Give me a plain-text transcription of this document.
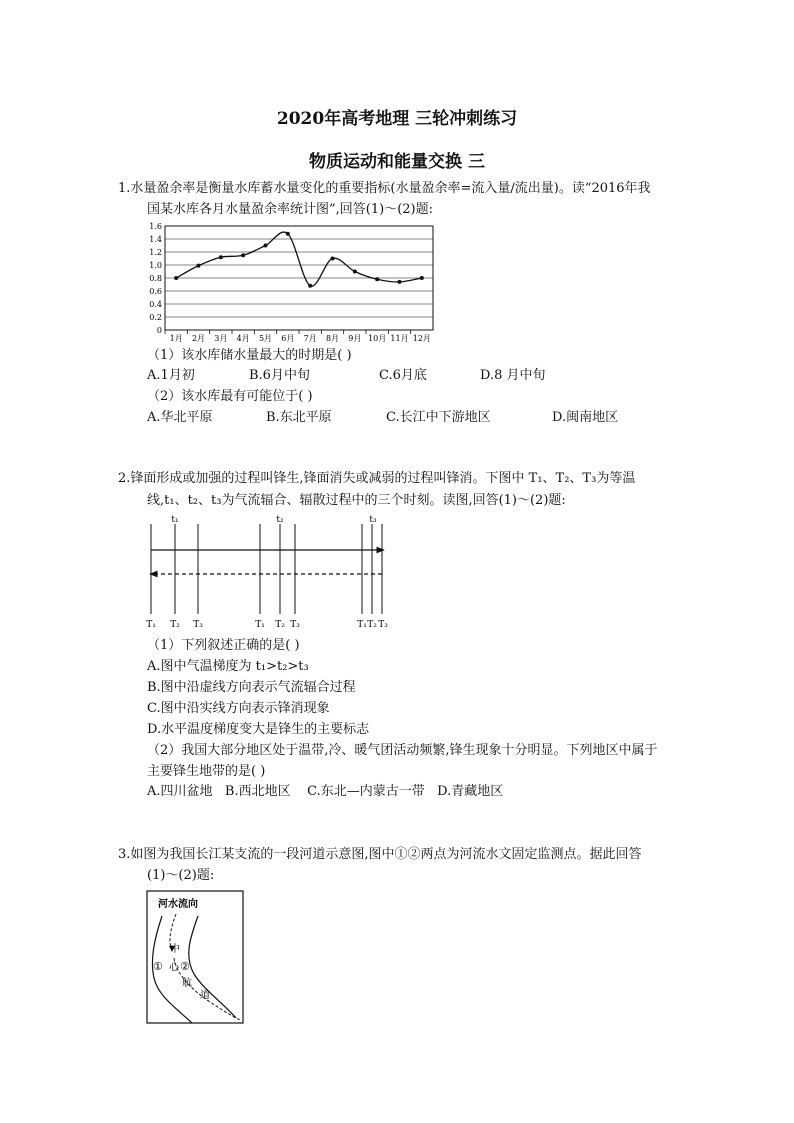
2020年高考地理 三轮冲刺练习
物质运动和能量交换 三
1.水量盈余率是衡量水库蓄水量变化的重要指标(水量盈余率=流入量/流出量)。读“2016年我
国某水库各月水量盈余率统计图”,回答(1)～(2)题:
0
0.2
0.4
0.6
0.8
1.0
1.2
1.4
1.6
1月 2月 3月 4月 5月 6月 7月 8月 9月 10月 11月 12月
（1）该水库储水量最大的时期是( )
A.1月初	B.6月中旬	C.6月底	D.8 月中旬
（2）该水库最有可能位于( )
A.华北平原	B.东北平原	C.长江中下游地区	D.闽南地区
2.锋面形成或加强的过程叫锋生,锋面消失或减弱的过程叫锋消。下图中 T₁、T₂、T₃为等温
线,t₁、t₂、t₃为气流辐合、辐散过程中的三个时刻。读图,回答(1)～(2)题:
t₁	t₂	t₃
T₁ T₂ T₃	T₁ T₂ T₃	T₁ T₂ T₃
（1）下列叙述正确的是( )
A.图中气温梯度为 t₁>t₂>t₃
B.图中沿虚线方向表示气流辐合过程
C.图中沿实线方向表示锋消现象
D.水平温度梯度变大是锋生的主要标志
（2）我国大部分地区处于温带,冷、暖气团活动频繁,锋生现象十分明显。下列地区中属于
主要锋生地带的是( )
A.四川盆地   B.西北地区    C.东北—内蒙古一带   D.青藏地区
3.如图为我国长江某支流的一段河道示意图,图中①②两点为河流水文固定监测点。据此回答
(1)～(2)题:
河水流向
中
① 心 ②
航
道
